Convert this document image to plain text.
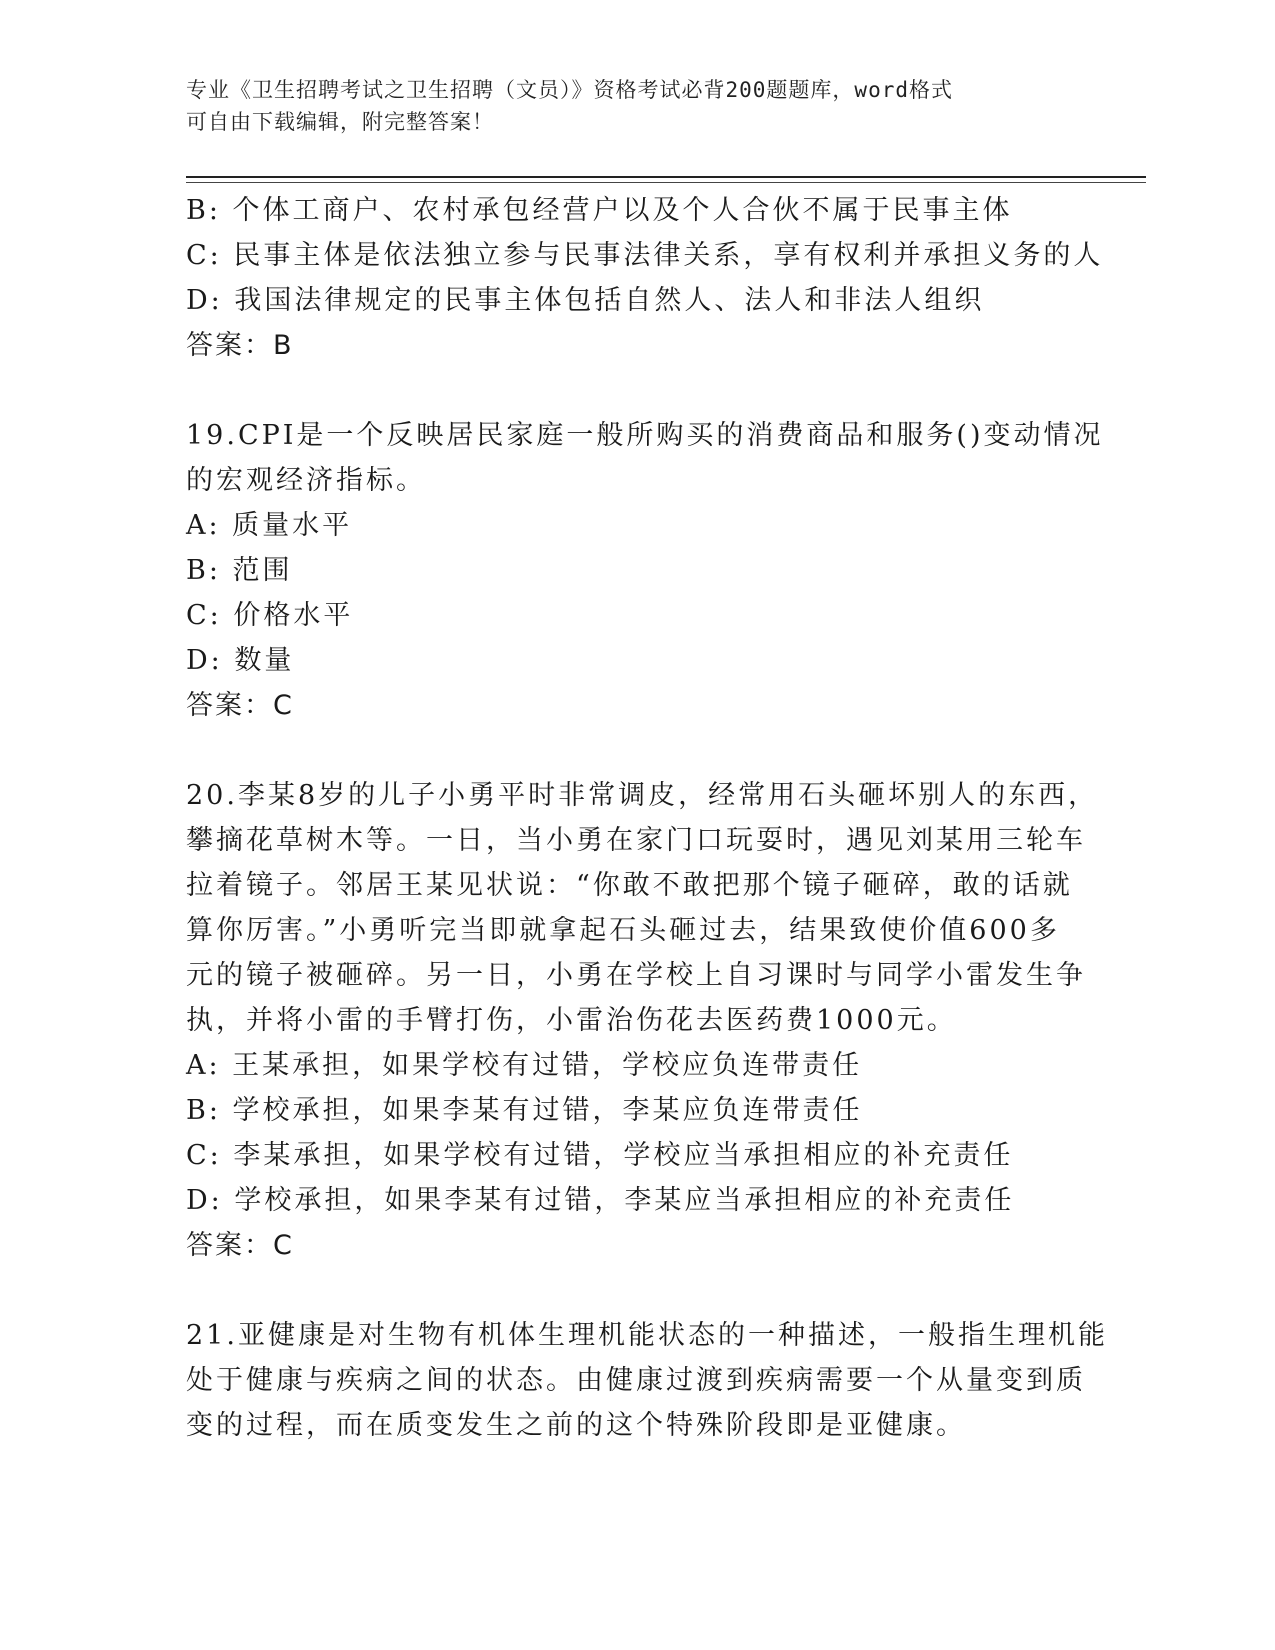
专业《卫生招聘考试之卫生招聘（文员）》资格考试必背200题题库，word格式
可自由下载编辑，附完整答案！
B: 个体工商户、农村承包经营户以及个人合伙不属于民事主体
C: 民事主体是依法独立参与民事法律关系，享有权利并承担义务的人
D: 我国法律规定的民事主体包括自然人、法人和非法人组织
答案：B
19.CPI是一个反映居民家庭一般所购买的消费商品和服务()变动情况
的宏观经济指标。
A: 质量水平
B: 范围
C: 价格水平
D: 数量
答案：C
20.李某8岁的儿子小勇平时非常调皮，经常用石头砸坏别人的东西，
攀摘花草树木等。一日，当小勇在家门口玩耍时，遇见刘某用三轮车
拉着镜子。邻居王某见状说：“你敢不敢把那个镜子砸碎，敢的话就
算你厉害。”小勇听完当即就拿起石头砸过去，结果致使价值600多
元的镜子被砸碎。另一日，小勇在学校上自习课时与同学小雷发生争
执，并将小雷的手臂打伤，小雷治伤花去医药费1000元。
A: 王某承担，如果学校有过错，学校应负连带责任
B: 学校承担，如果李某有过错，李某应负连带责任
C: 李某承担，如果学校有过错，学校应当承担相应的补充责任
D: 学校承担，如果李某有过错，李某应当承担相应的补充责任
答案：C
21.亚健康是对生物有机体生理机能状态的一种描述，一般指生理机能
处于健康与疾病之间的状态。由健康过渡到疾病需要一个从量变到质
变的过程，而在质变发生之前的这个特殊阶段即是亚健康。
